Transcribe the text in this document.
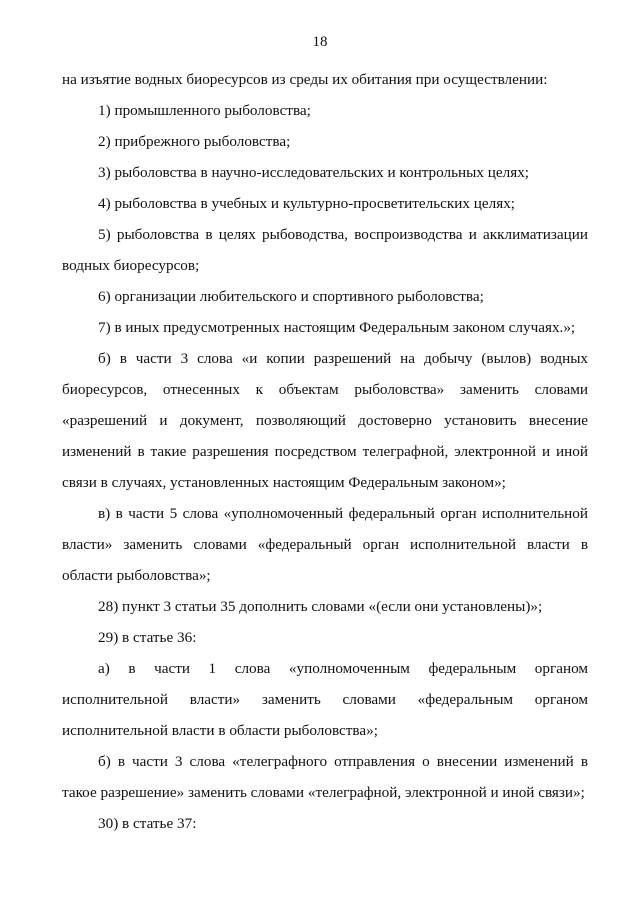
18

на изъятие водных биоресурсов из среды их обитания при осуществлении:

1) промышленного рыболовства;

2) прибрежного рыболовства;

3) рыболовства в научно-исследовательских и контрольных целях;

4) рыболовства в учебных и культурно-просветительских целях;

5) рыболовства в целях рыбоводства, воспроизводства и акклиматизации водных биоресурсов;

6) организации любительского и спортивного рыболовства;

7) в иных предусмотренных настоящим Федеральным законом случаях.»;

б) в части 3 слова «и копии разрешений на добычу (вылов) водных биоресурсов, отнесенных к объектам рыболовства» заменить словами «разрешений и документ, позволяющий достоверно установить внесение изменений в такие разрешения посредством телеграфной, электронной и иной связи в случаях, установленных настоящим Федеральным законом»;

в) в части 5 слова «уполномоченный федеральный орган исполнительной власти» заменить словами «федеральный орган исполнительной власти в области рыболовства»;

28) пункт 3 статьи 35 дополнить словами «(если они установлены)»;

29) в статье 36:

а) в части 1 слова «уполномоченным федеральным органом исполнительной власти» заменить словами «федеральным органом исполнительной власти в области рыболовства»;

б) в части 3 слова «телеграфного отправления о внесении изменений в такое разрешение» заменить словами «телеграфной, электронной и иной связи»;

30) в статье 37:
